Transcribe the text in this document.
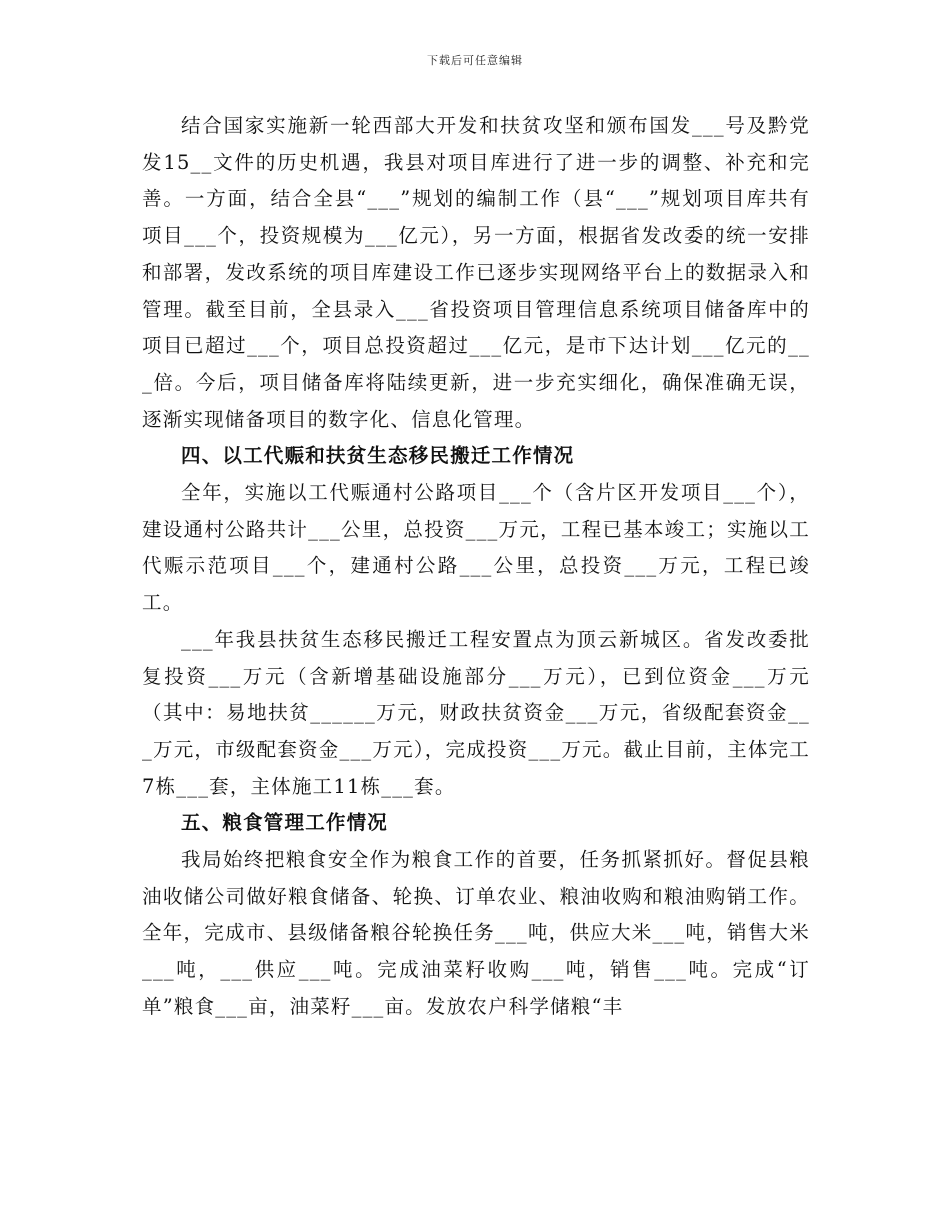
下载后可任意编辑

结合国家实施新一轮西部大开发和扶贫攻坚和颁布国发___号及黔党发15__文件的历史机遇，我县对项目库进行了进一步的调整、补充和完善。一方面，结合全县“___”规划的编制工作（县“___”规划项目库共有项目___个，投资规模为___亿元），另一方面，根据省发改委的统一安排和部署，发改系统的项目库建设工作已逐步实现网络平台上的数据录入和管理。截至目前，全县录入___省投资项目管理信息系统项目储备库中的项目已超过___个，项目总投资超过___亿元，是市下达计划___亿元的___倍。今后，项目储备库将陆续更新，进一步充实细化，确保准确无误，逐渐实现储备项目的数字化、信息化管理。

四、以工代赈和扶贫生态移民搬迁工作情况

全年，实施以工代赈通村公路项目___个（含片区开发项目___个），建设通村公路共计___公里，总投资___万元，工程已基本竣工；实施以工代赈示范项目___个，建通村公路___公里，总投资___万元，工程已竣工。

___年我县扶贫生态移民搬迁工程安置点为顶云新城区。省发改委批复投资___万元（含新增基础设施部分___万元），已到位资金___万元（其中：易地扶贫______万元，财政扶贫资金___万元，省级配套资金___万元，市级配套资金___万元），完成投资___万元。截止目前，主体完工7栋___套，主体施工11栋___套。

五、粮食管理工作情况

我局始终把粮食安全作为粮食工作的首要，任务抓紧抓好。督促县粮油收储公司做好粮食储备、轮换、订单农业、粮油收购和粮油购销工作。全年，完成市、县级储备粮谷轮换任务___吨，供应大米___吨，销售大米___吨，___供应___吨。完成油菜籽收购___吨，销售___吨。完成“订单”粮食___亩，油菜籽___亩。发放农户科学储粮“丰
